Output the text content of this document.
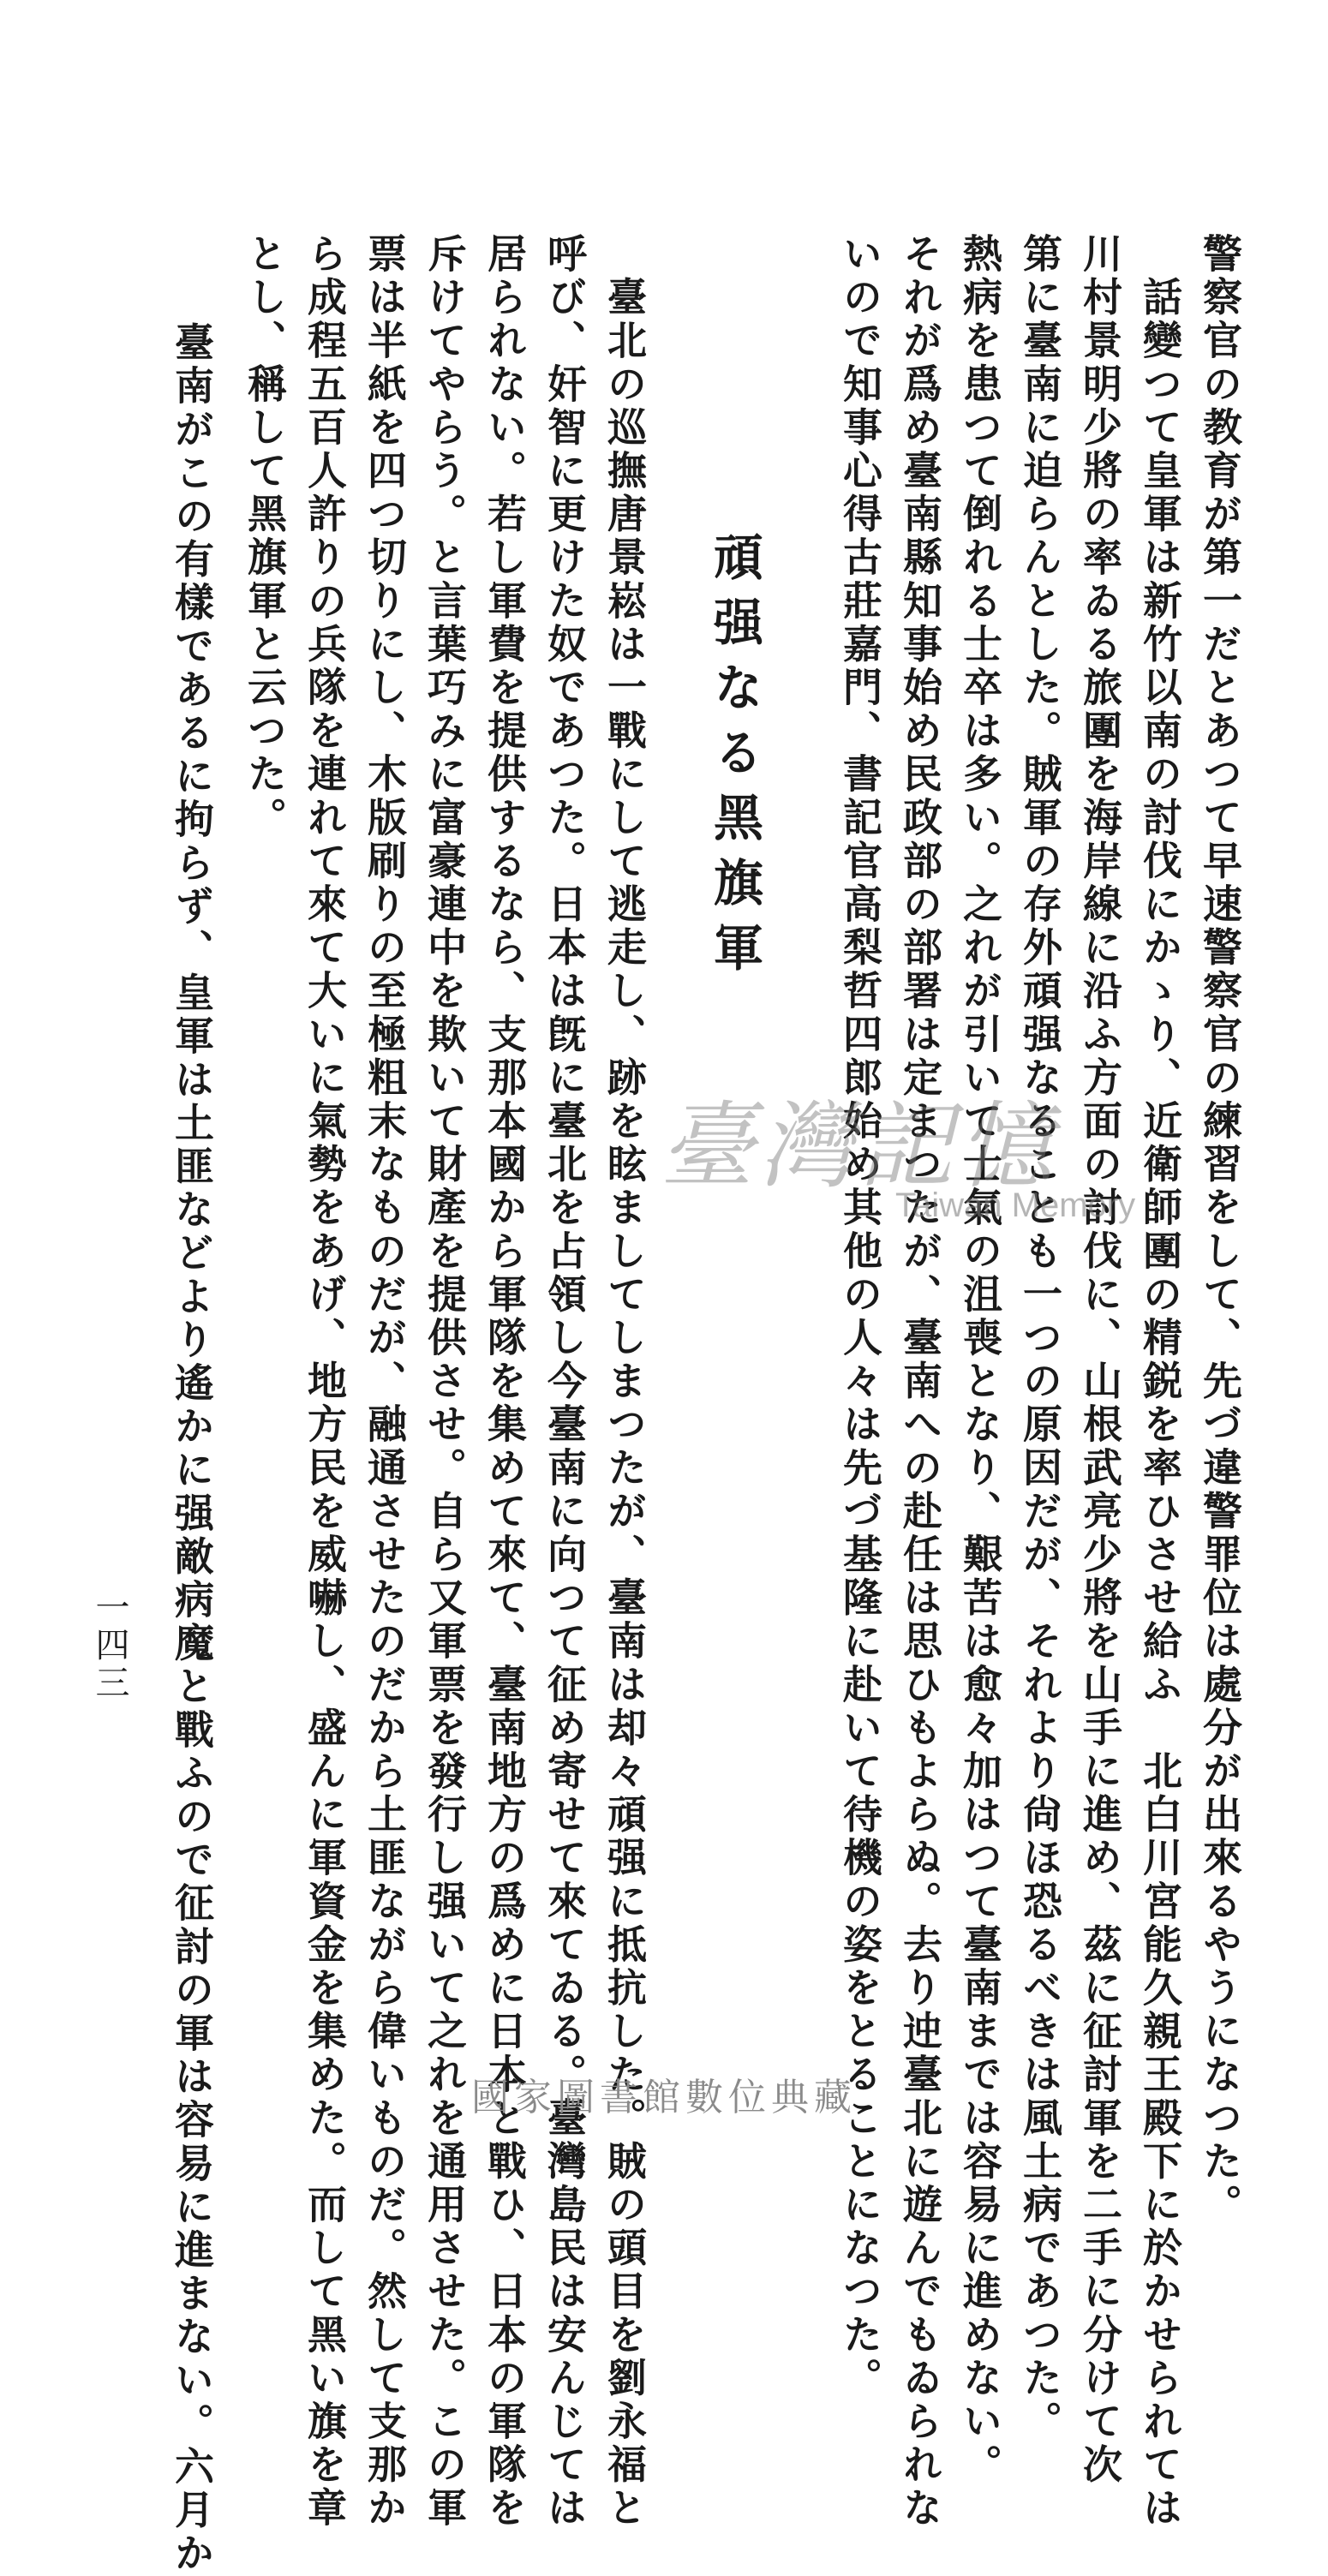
警察官の教育が第一だとあつて早速警察官の練習をして、先づ違警罪位は處分が出來るやうになつた。
　話變つて皇軍は新竹以南の討伐にかゝり、近衛師團の精鋭を率ひさせ給ふ　北白川宮能久親王殿下に於かせられては
川村景明少將の率ゐる旅團を海岸線に沿ふ方面の討伐に、山根武亮少將を山手に進め、茲に征討軍を二手に分けて次
第に臺南に迫らんとした。賊軍の存外頑强なることも一つの原因だが、それより尙ほ恐るべきは風土病であつた。
熱病を患つて倒れる士卒は多い。之れが引いて士氣の沮喪となり、艱苦は愈々加はつて臺南までは容易に進めない。
それが爲め臺南縣知事始め民政部の部署は定まつたが、臺南への赴任は思ひもよらぬ。去り迚臺北に遊んでもゐられな
いので知事心得古莊嘉門、書記官高梨哲四郎始め其他の人々は先づ基隆に赴いて待機の姿をとることになつた。
頑强なる黑旗軍
　臺北の巡撫唐景崧は一戰にして逃走し、跡を眩ましてしまつたが、臺南は却々頑强に抵抗した。賊の頭目を劉永福と
呼び、奸智に更けた奴であつた。日本は旣に臺北を占領し今臺南に向つて征め寄せて來てゐる。臺灣島民は安んじては
居られない。若し軍費を提供するなら、支那本國から軍隊を集めて來て、臺南地方の爲めに日本と戰ひ、日本の軍隊を
斥けてやらう。と言葉巧みに富豪連中を欺いて財產を提供させ。自ら又軍票を發行し强いて之れを通用させた。この軍
票は半紙を四つ切りにし、木版刷りの至極粗末なものだが、融通させたのだから土匪ながら偉いものだ。然して支那か
ら成程五百人許りの兵隊を連れて來て大いに氣勢をあげ、地方民を威嚇し、盛んに軍資金を集めた。而して黑い旗を章
とし、稱して黑旗軍と云つた。
　臺南がこの有樣であるに拘らず、皇軍は土匪などより遙かに强敵病魔と戰ふので征討の軍は容易に進まない。六月か
一四三
臺灣記憶
Taiwan Memory
國家圖書館數位典藏
